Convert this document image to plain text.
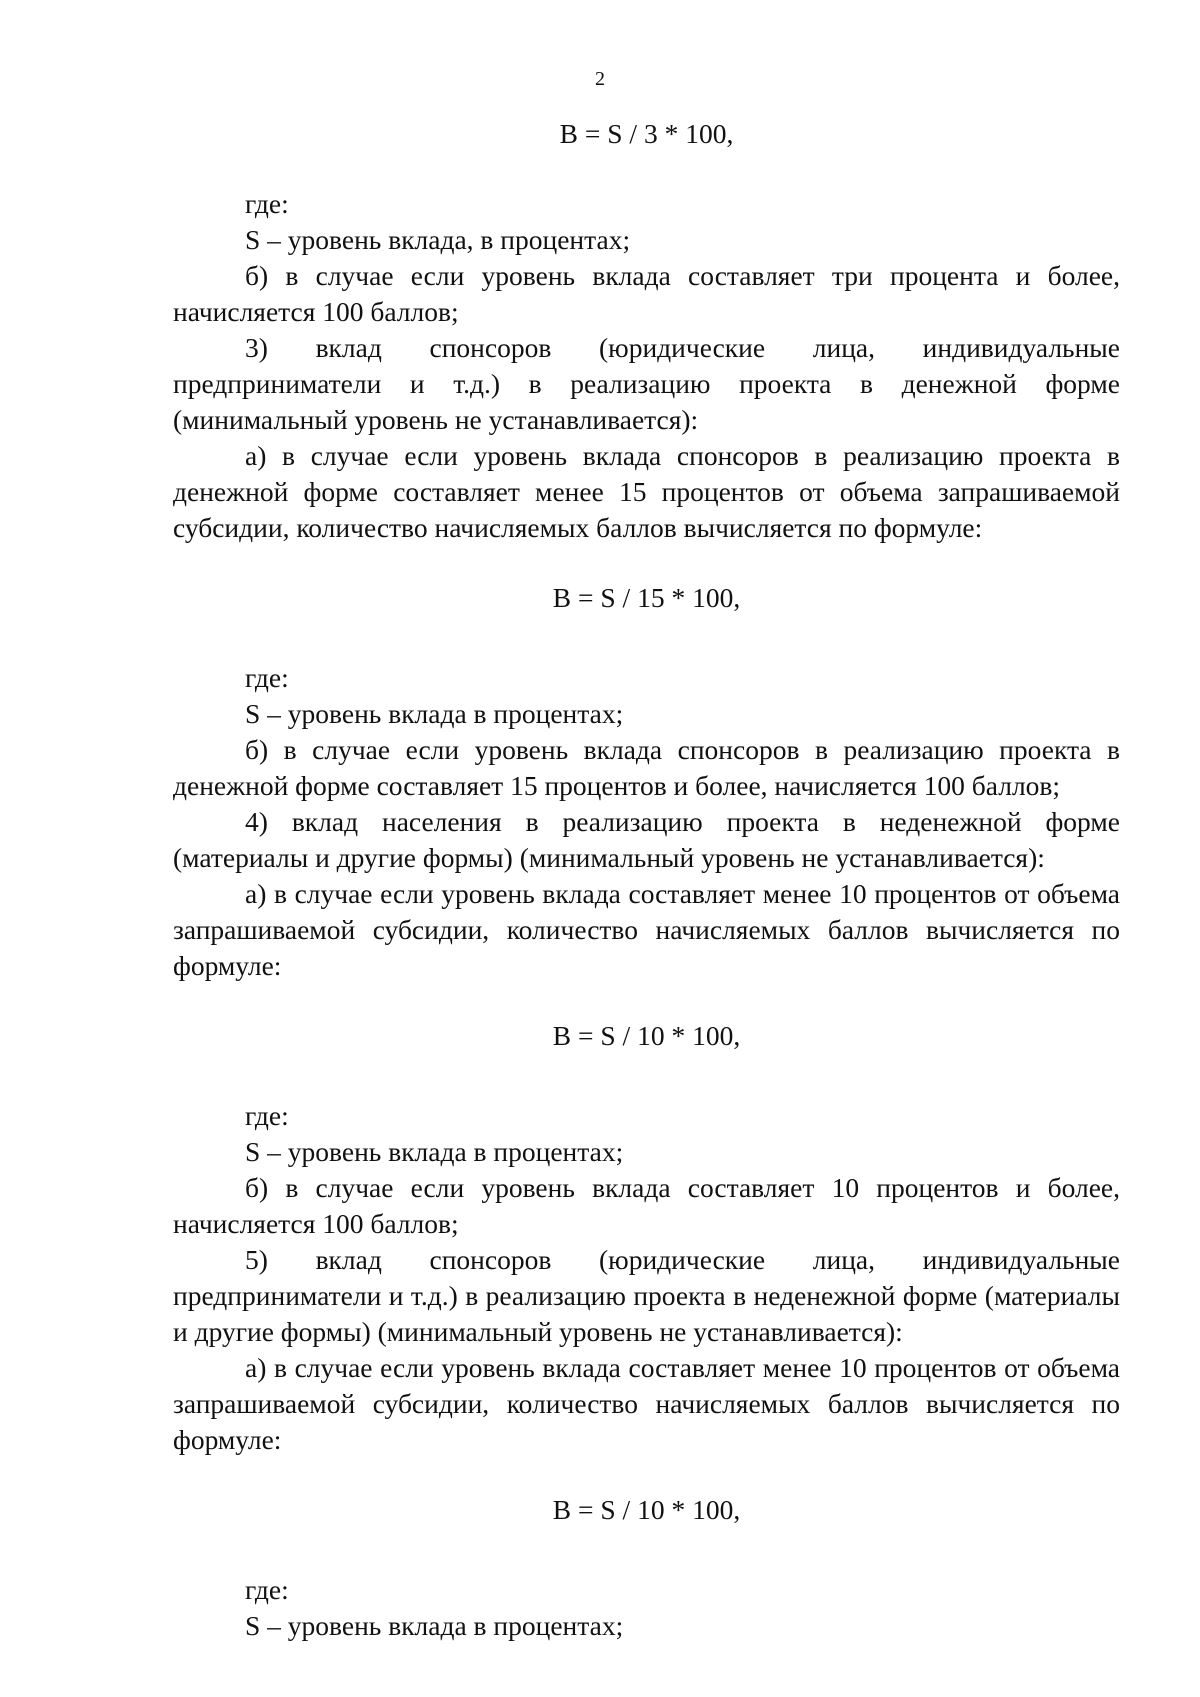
2

B = S / 3 * 100,

где:

S – уровень вклада, в процентах;

б) в случае если уровень вклада составляет три процента и более, начисляется 100 баллов;

3) вклад спонсоров (юридические лица, индивидуальные предприниматели и т.д.) в реализацию проекта в денежной форме (минимальный уровень не устанавливается):

а) в случае если уровень вклада спонсоров в реализацию проекта в денежной форме составляет менее 15 процентов от объема запрашиваемой субсидии, количество начисляемых баллов вычисляется по формуле:

B = S / 15 * 100,

где:

S – уровень вклада в процентах;

б) в случае если уровень вклада спонсоров в реализацию проекта в денежной форме составляет 15 процентов и более, начисляется 100 баллов;

4) вклад населения в реализацию проекта в неденежной форме (материалы и другие формы) (минимальный уровень не устанавливается):

а) в случае если уровень вклада составляет менее 10 процентов от объема запрашиваемой субсидии, количество начисляемых баллов вычисляется по формуле:

B = S / 10 * 100,

где:

S – уровень вклада в процентах;

б) в случае если уровень вклада составляет 10 процентов и более, начисляется 100 баллов;

5) вклад спонсоров (юридические лица, индивидуальные предприниматели и т.д.) в реализацию проекта в неденежной форме (материалы и другие формы) (минимальный уровень не устанавливается):

а) в случае если уровень вклада составляет менее 10 процентов от объема запрашиваемой субсидии, количество начисляемых баллов вычисляется по формуле:

B = S / 10 * 100,

где:

S – уровень вклада в процентах;
